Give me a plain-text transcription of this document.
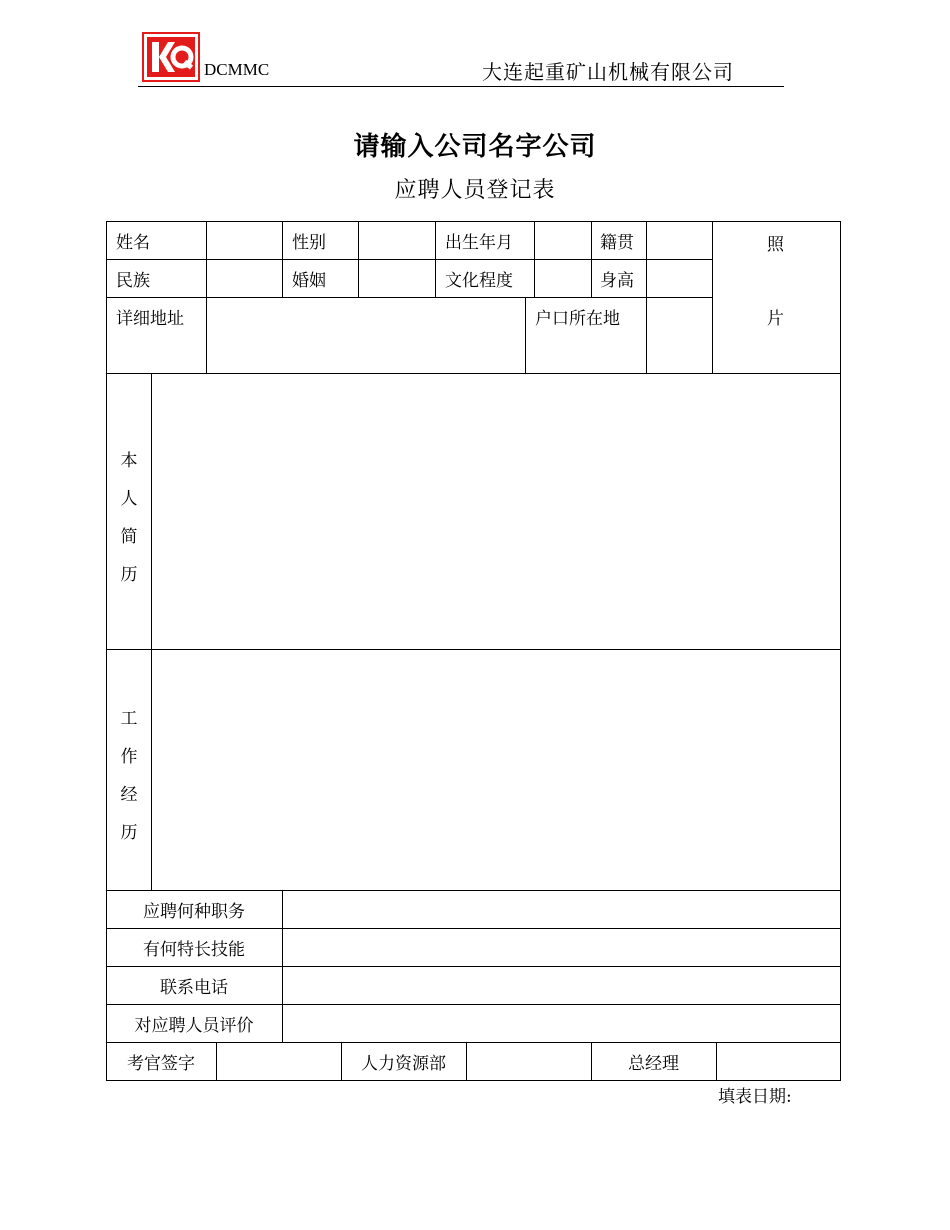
DCMMC	大连起重矿山机械有限公司
请输入公司名字公司
应聘人员登记表
姓名	性别	出生年月	籍贯
民族	婚姻	文化程度	身高
详细地址	户口所在地
照
片
本
人
简
历
工
作
经
历
应聘何种职务
有何特长技能
联系电话
对应聘人员评价
考官签字	人力资源部	总经理
填表日期:
